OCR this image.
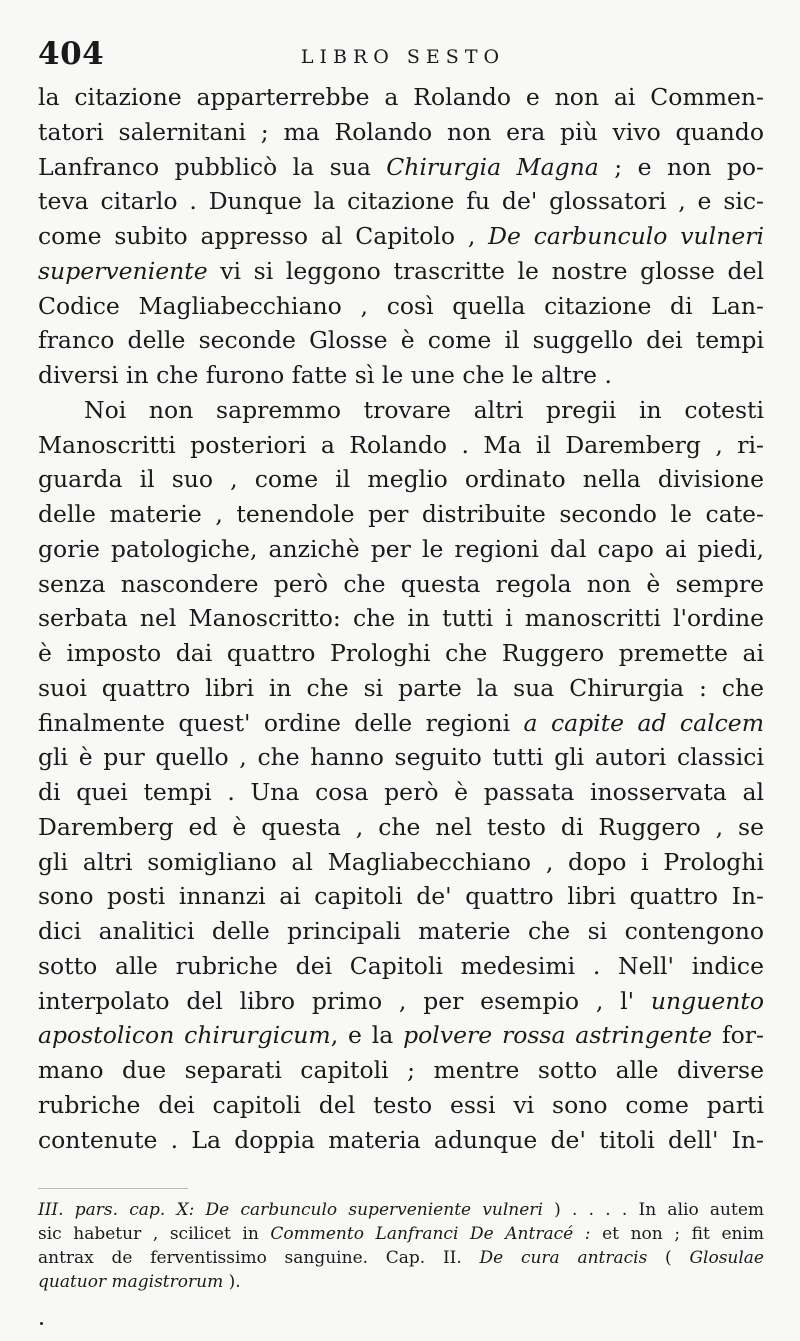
404	LIBRO SESTO
la citazione apparterrebbe a Rolando e non ai Commen-
tatori salernitani ; ma Rolando non era più vivo quando
Lanfranco pubblicò la sua Chirurgia Magna ; e non po-
teva citarlo . Dunque la citazione fu de' glossatori , e sic-
come subito appresso al Capitolo , De carbunculo vulneri
superveniente vi si leggono trascritte le nostre glosse del
Codice Magliabecchiano , così quella citazione di Lan-
franco delle seconde Glosse è come il suggello dei tempi
diversi in che furono fatte sì le une che le altre .
Noi non sapremmo trovare altri pregii in cotesti
Manoscritti posteriori a Rolando . Ma il Daremberg , ri-
guarda il suo , come il meglio ordinato nella divisione
delle materie , tenendole per distribuite secondo le cate-
gorie patologiche, anzichè per le regioni dal capo ai piedi,
senza nascondere però che questa regola non è sempre
serbata nel Manoscritto: che in tutti i manoscritti l'ordine
è imposto dai quattro Prologhi che Ruggero premette ai
suoi quattro libri in che si parte la sua Chirurgia : che
finalmente quest' ordine delle regioni a capite ad calcem
gli è pur quello , che hanno seguito tutti gli autori classici
di quei tempi . Una cosa però è passata inosservata al
Daremberg ed è questa , che nel testo di Ruggero , se
gli altri somigliano al Magliabecchiano , dopo i Prologhi
sono posti innanzi ai capitoli de' quattro libri quattro In-
dici analitici delle principali materie che si contengono
sotto alle rubriche dei Capitoli medesimi . Nell' indice
interpolato del libro primo , per esempio , l' unguento
apostolicon chirurgicum, e la polvere rossa astringente for-
mano due separati capitoli ; mentre sotto alle diverse
rubriche dei capitoli del testo essi vi sono come parti
contenute . La doppia materia adunque de' titoli dell' In-
III. pars. cap. X: De carbunculo superveniente vulneri ) . . . . In alio autem
sic habetur , scilicet in Commento Lanfranci De Antracé : et non ; fit enim
antrax de ferventissimo sanguine. Cap. II. De cura antracis ( Glosulae
quatuor magistrorum ).
